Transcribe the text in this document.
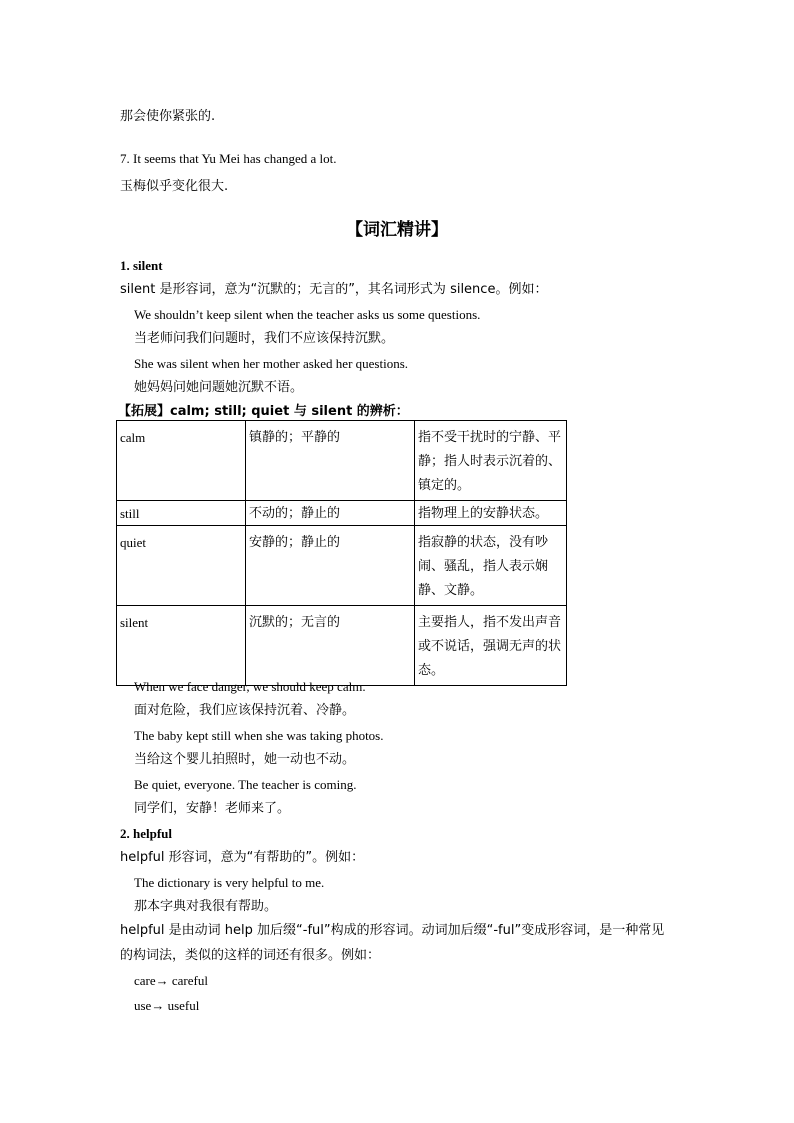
那会使你紧张的.
7. It seems that Yu Mei has changed a lot.
玉梅似乎变化很大.
【词汇精讲】
1. silent
silent 是形容词，意为“沉默的；无言的”，其名词形式为 silence。例如：
We shouldn’t keep silent when the teacher asks us some questions.
当老师问我们问题时，我们不应该保持沉默。
She was silent when her mother asked her questions.
她妈妈问她问题她沉默不语。
【拓展】calm; still; quiet 与 silent 的辨析：
calm	镇静的；平静的	指不受干扰时的宁静、平静；指人时表示沉着的、镇定的。
still	不动的；静止的	指物理上的安静状态。
quiet	安静的；静止的	指寂静的状态，没有吵闹、骚乱，指人表示娴静、文静。
silent	沉默的；无言的	主要指人，指不发出声音或不说话，强调无声的状态。
When we face danger, we should keep calm.
面对危险，我们应该保持沉着、冷静。
The baby kept still when she was taking photos.
当给这个婴儿拍照时，她一动也不动。
Be quiet, everyone. The teacher is coming.
同学们，安静！老师来了。
2. helpful
helpful 形容词，意为“有帮助的”。例如：
The dictionary is very helpful to me.
那本字典对我很有帮助。
helpful 是由动词 help 加后缀“-ful”构成的形容词。动词加后缀“-ful”变成形容词，是一种常见
的构词法，类似的这样的词还有很多。例如：
care→ careful
use→ useful
